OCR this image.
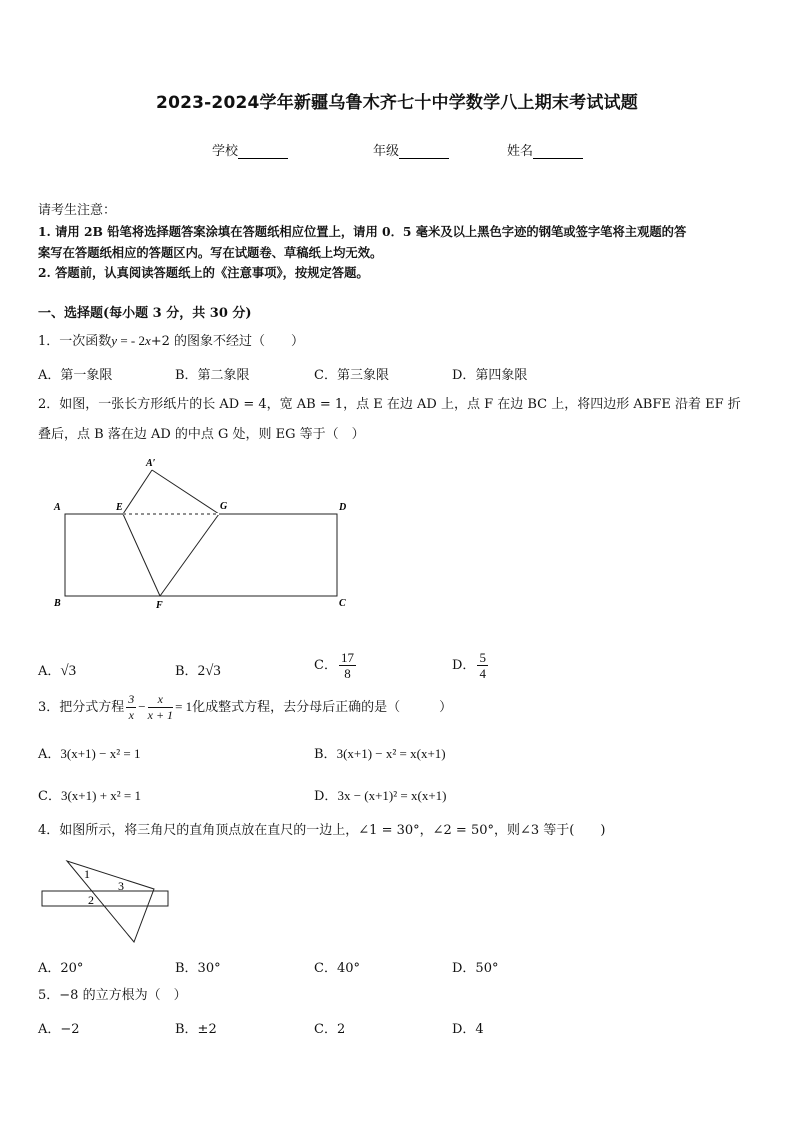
2023-2024学年新疆乌鲁木齐七十中学数学八上期末考试试题
学校	年级	姓名
请考生注意：
1. 请用 2B 铅笔将选择题答案涂填在答题纸相应位置上，请用 0．5 毫米及以上黑色字迹的钢笔或签字笔将主观题的答
案写在答题纸相应的答题区内。写在试题卷、草稿纸上均无效。
2. 答题前，认真阅读答题纸上的《注意事项》，按规定答题。
一、选择题(每小题 3 分，共 30 分)
1．一次函数y = - 2x+2 的图象不经过（　　）
A．第一象限	B．第二象限	C．第三象限	D．第四象限
2．如图，一张长方形纸片的长 AD = 4，宽 AB = 1，点 E 在边 AD 上，点 F 在边 BC 上，将四边形 ABFE 沿着 EF 折
叠后，点 B 落在边 AD 的中点 G 处，则 EG 等于（　）
A′
A	E	G	D
B	F	C
A．√3	B．2√3	C． $\frac{17}{8}$	D． $\frac{5}{4}$
3．把分式方程 $\frac{3}{x} - \frac{x}{x + 1} = 1$化成整式方程，去分母后正确的是（　　　）
A．3(x+1) − x² = 1	B．3(x+1) − x² = x(x+1)
C．3(x+1) + x² = 1	D．3x − (x+1)² = x(x+1)
4．如图所示，将三角尺的直角顶点放在直尺的一边上，∠1 = 30°，∠2 = 50°，则∠3 等于(　　)
1
2
3
A．20°	B．30°	C．40°	D．50°
5．−8 的立方根为（　）
A．−2	B．±2	C．2	D．4
